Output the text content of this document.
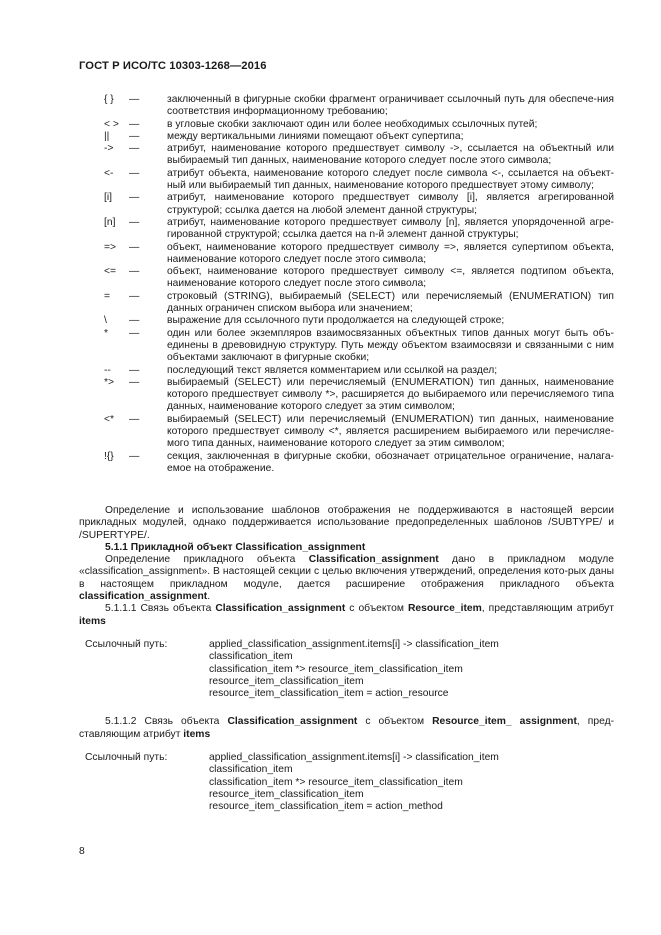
ГОСТ Р ИСО/ТС 10303-1268—2016
{ }	—	заключенный в фигурные скобки фрагмент ограничивает ссылочный путь для обеспече-ния соответствия информационному требованию;
< > —	в угловые скобки заключают один или более необходимых ссылочных путей;
||	—	между вертикальными линиями помещают объект супертипа;
->	—	атрибут, наименование которого предшествует символу ->, ссылается на объектный или выбираемый тип данных, наименование которого следует после этого символа;
<-	—	атрибут объекта, наименование которого следует после символа <-, ссылается на объект-ный или выбираемый тип данных, наименование которого предшествует этому символу;
[i]	—	атрибут, наименование которого предшествует символу [i], является агрегированной структурой; ссылка дается на любой элемент данной структуры;
[n]	—	атрибут, наименование которого предшествует символу [n], является упорядоченной агре-гированной структурой; ссылка дается на n-й элемент данной структуры;
=>	—	объект, наименование которого предшествует символу =>, является супертипом объекта, наименование которого следует после этого символа;
<=	—	объект, наименование которого предшествует символу <=, является подтипом объекта, наименование которого следует после этого символа;
=	—	строковый (STRING), выбираемый (SELECT) или перечисляемый (ENUMERATION) тип данных ограничен списком выбора или значением;
\	—	выражение для ссылочного пути продолжается на следующей строке;
*	—	один или более экземпляров взаимосвязанных объектных типов данных могут быть объ-единены в древовидную структуру. Путь между объектом взаимосвязи и связанными с ним объектами заключают в фигурные скобки;
--	—	последующий текст является комментарием или ссылкой на раздел;
*>	—	выбираемый (SELECT) или перечисляемый (ENUMERATION) тип данных, наименование которого предшествует символу *>, расширяется до выбираемого или перечисляемого типа данных, наименование которого следует за этим символом;
<*	—	выбираемый (SELECT) или перечисляемый (ENUMERATION) тип данных, наименование которого предшествует символу <*, является расширением выбираемого или перечисляе-мого типа данных, наименование которого следует за этим символом;
!{}	—	секция, заключенная в фигурные скобки, обозначает отрицательное ограничение, налага-емое на отображение.

Определение и использование шаблонов отображения не поддерживаются в настоящей версии прикладных модулей, однако поддерживается использование предопределенных шаблонов /SUBTYPE/ и /SUPERTYPE/.

5.1.1 Прикладной объект Classification_assignment

Определение прикладного объекта Classification_assignment дано в прикладном модуле «classification_assignment». В настоящей секции с целью включения утверждений, определения кото-рых даны в настоящем прикладном модуле, дается расширение отображения прикладного объекта classification_assignment.

5.1.1.1 Связь объекта Classification_assignment с объектом Resource_item, представляющим атрибут items

Ссылочный путь:	applied_classification_assignment.items[i] -> classification_item
classification_item
classification_item *> resource_item_classification_item
resource_item_classification_item
resource_item_classification_item = action_resource

5.1.1.2 Связь объекта Classification_assignment с объектом Resource_item_ assignment, пред-ставляющим атрибут items

Ссылочный путь:	applied_classification_assignment.items[i] -> classification_item
classification_item
classification_item *> resource_item_classification_item
resource_item_classification_item
resource_item_classification_item = action_method
8
